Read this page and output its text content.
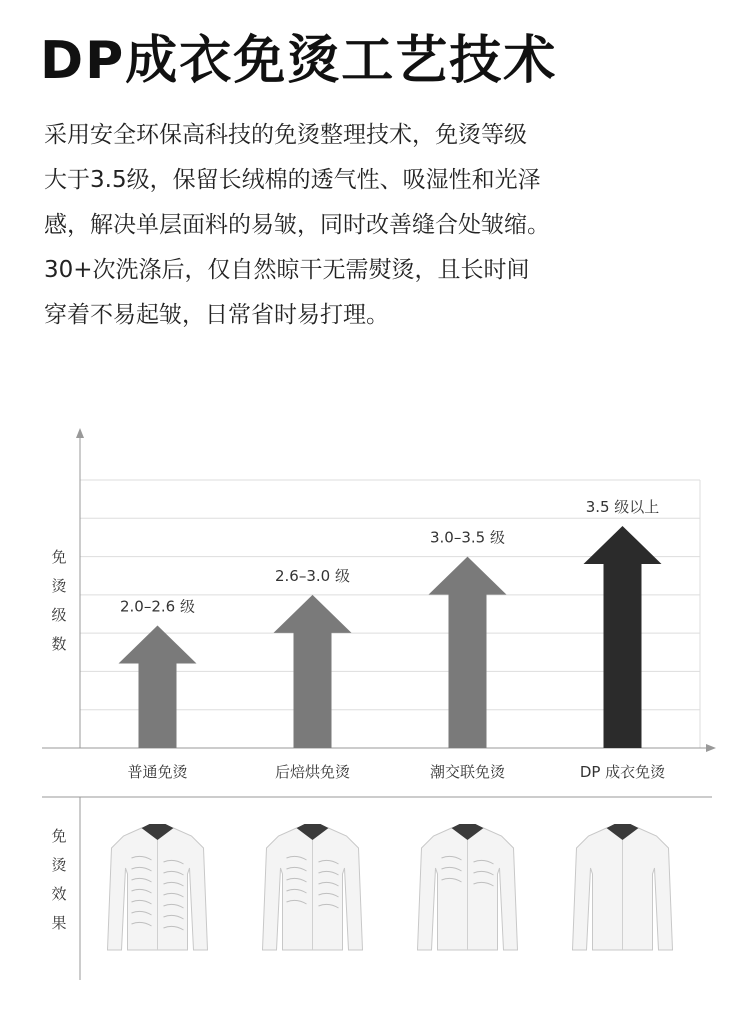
DP成衣免烫工艺技术
采用安全环保高科技的免烫整理技术，免烫等级
大于3.5级，保留长绒棉的透气性、吸湿性和光泽
感，解决单层面料的易皱，同时改善缝合处皱缩。
30+次洗涤后，仅自然晾干无需熨烫，且长时间
穿着不易起皱，日常省时易打理。
免
烫
级
数
免
烫
效
果
2.0–2.6 级
普通免烫
2.6–3.0 级
后焙烘免烫
3.0–3.5 级
潮交联免烫
3.5 级以上
DP 成衣免烫
